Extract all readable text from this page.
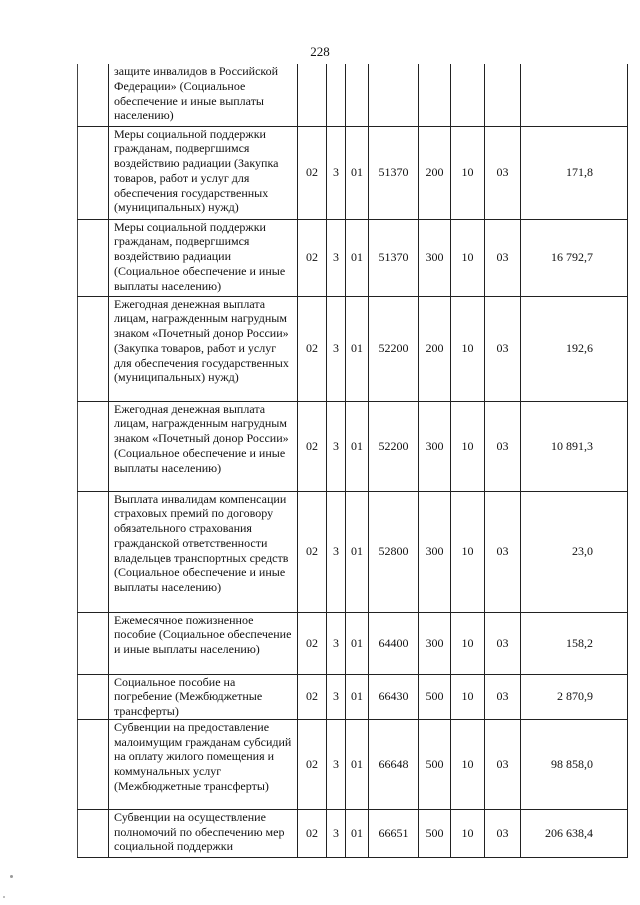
228
	защите инвалидов в Российской Федерации» (Социальное обеспечение и иные выплаты населению)								
	Меры социальной поддержки гражданам, подвергшимся воздействию радиации (Закупка товаров, работ и услуг для обеспечения государственных (муниципальных) нужд)	02	3	01	51370	200	10	03	171,8
	Меры социальной поддержки гражданам, подвергшимся воздействию радиации (Социальное обеспечение и иные выплаты населению)	02	3	01	51370	300	10	03	16 792,7
	Ежегодная денежная выплата лицам, награжденным нагрудным знаком «Почетный донор России» (Закупка товаров, работ и услуг для обеспечения государственных (муниципальных) нужд)	02	3	01	52200	200	10	03	192,6
	Ежегодная денежная выплата лицам, награжденным нагрудным знаком «Почетный донор России» (Социальное обеспечение и иные выплаты населению)	02	3	01	52200	300	10	03	10 891,3
	Выплата инвалидам компенсации страховых премий по договору обязательного страхования гражданской ответственности владельцев транспортных средств (Социальное обеспечение и иные выплаты населению)	02	3	01	52800	300	10	03	23,0
	Ежемесячное пожизненное пособие (Социальное обеспечение и иные выплаты населению)	02	3	01	64400	300	10	03	158,2
	Социальное пособие на погребение (Межбюджетные трансферты)	02	3	01	66430	500	10	03	2 870,9
	Субвенции на предоставление малоимущим гражданам субсидий на оплату жилого помещения и коммунальных услуг (Межбюджетные трансферты)	02	3	01	66648	500	10	03	98 858,0
	Субвенции на осуществление полномочий по обеспечению мер социальной поддержки	02	3	01	66651	500	10	03	206 638,4
